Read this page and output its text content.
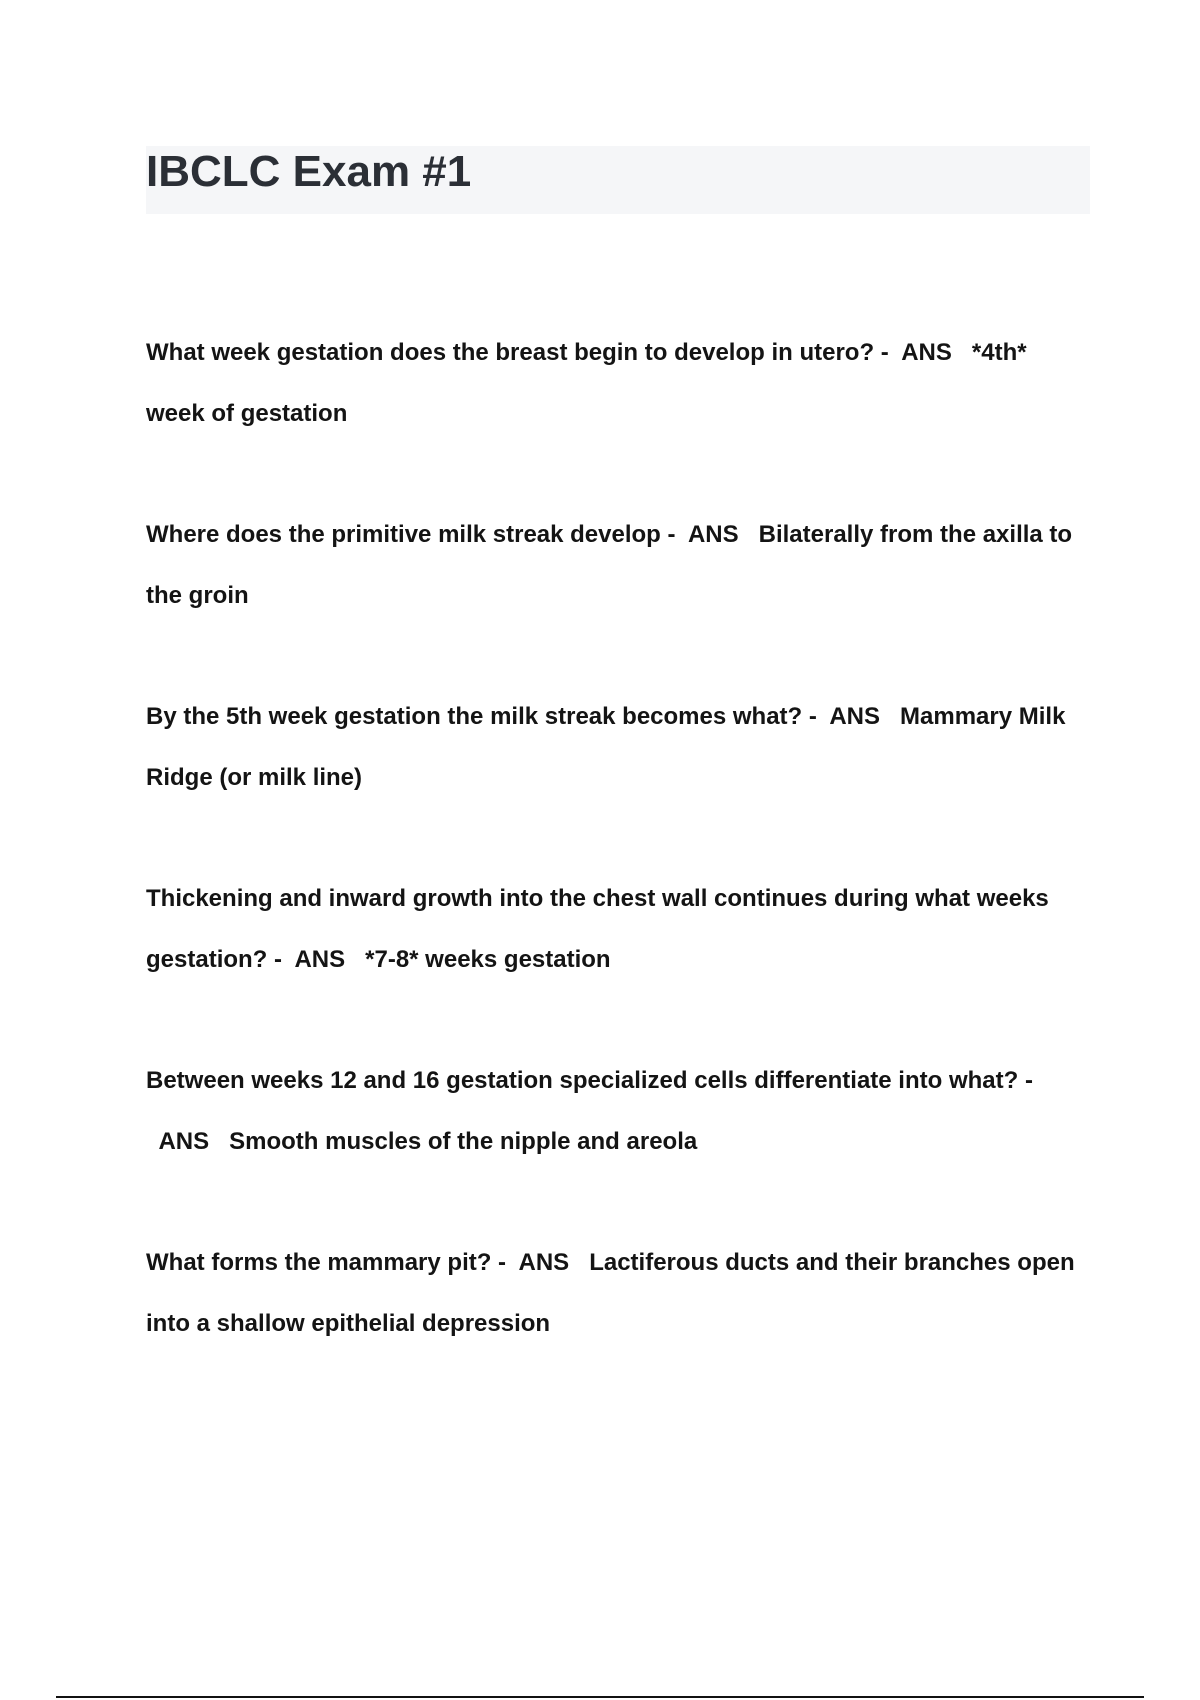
IBCLC Exam #1
What week gestation does the breast begin to develop in utero? - ANS *4th* week of gestation
Where does the primitive milk streak develop - ANS Bilaterally from the axilla to the groin
By the 5th week gestation the milk streak becomes what? - ANS Mammary Milk Ridge (or milk line)
Thickening and inward growth into the chest wall continues during what weeks gestation? - ANS *7-8* weeks gestation
Between weeks 12 and 16 gestation specialized cells differentiate into what? -  ANS Smooth muscles of the nipple and areola
What forms the mammary pit? - ANS Lactiferous ducts and their branches open into a shallow epithelial depression
